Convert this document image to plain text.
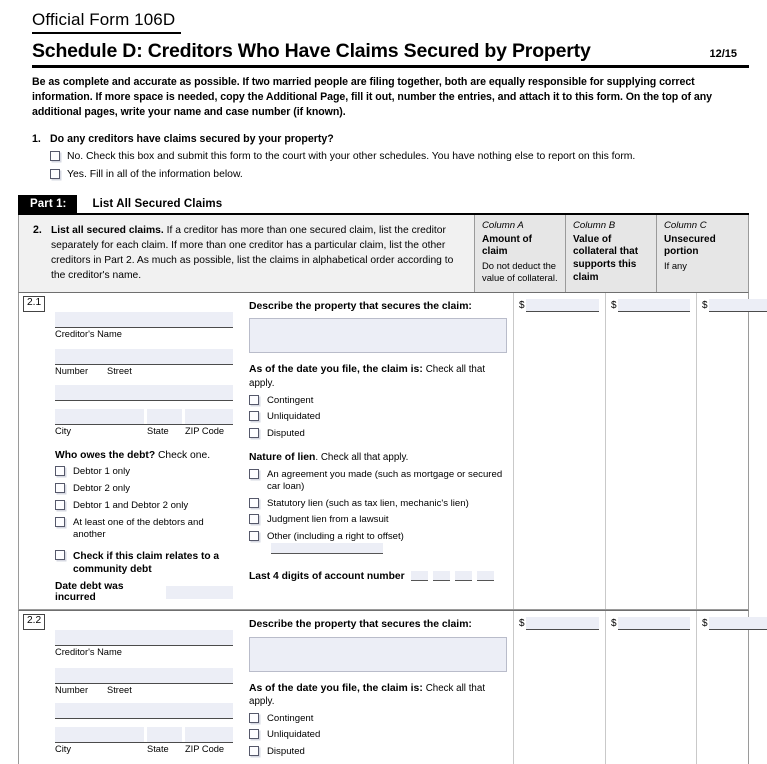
Official Form 106D
Schedule D: Creditors Who Have Claims Secured by Property	12/15
Be as complete and accurate as possible. If two married people are filing together, both are equally responsible for supplying correct information. If more space is needed, copy the Additional Page, fill it out, number the entries, and attach it to this form. On the top of any additional pages, write your name and case number (if known).
1. Do any creditors have claims secured by your property?
No. Check this box and submit this form to the court with your other schedules. You have nothing else to report on this form.
Yes. Fill in all of the information below.
Part 1:	List All Secured Claims
2. List all secured claims. If a creditor has more than one secured claim, list the creditor separately for each claim. If more than one creditor has a particular claim, list the other creditors in Part 2. As much as possible, list the claims in alphabetical order according to the creditor's name.
Column A
Amount of claim
Do not deduct the value of collateral.
Column B
Value of collateral that supports this claim
Column C
Unsecured portion
If any
2.1
Creditor's Name
Number	Street
City	State	ZIP Code
Who owes the debt? Check one.
Debtor 1 only
Debtor 2 only
Debtor 1 and Debtor 2 only
At least one of the debtors and another
Check if this claim relates to a community debt
Date debt was incurred
Describe the property that secures the claim:
As of the date you file, the claim is: Check all that apply.
Contingent
Unliquidated
Disputed
Nature of lien. Check all that apply.
An agreement you made (such as mortgage or secured car loan)
Statutory lien (such as tax lien, mechanic's lien)
Judgment lien from a lawsuit
Other (including a right to offset)
Last 4 digits of account number
$	$	$
2.2
Creditor's Name
Number	Street
City	State	ZIP Code
Describe the property that secures the claim:
As of the date you file, the claim is: Check all that apply.
Contingent
Unliquidated
Disputed
$	$	$
